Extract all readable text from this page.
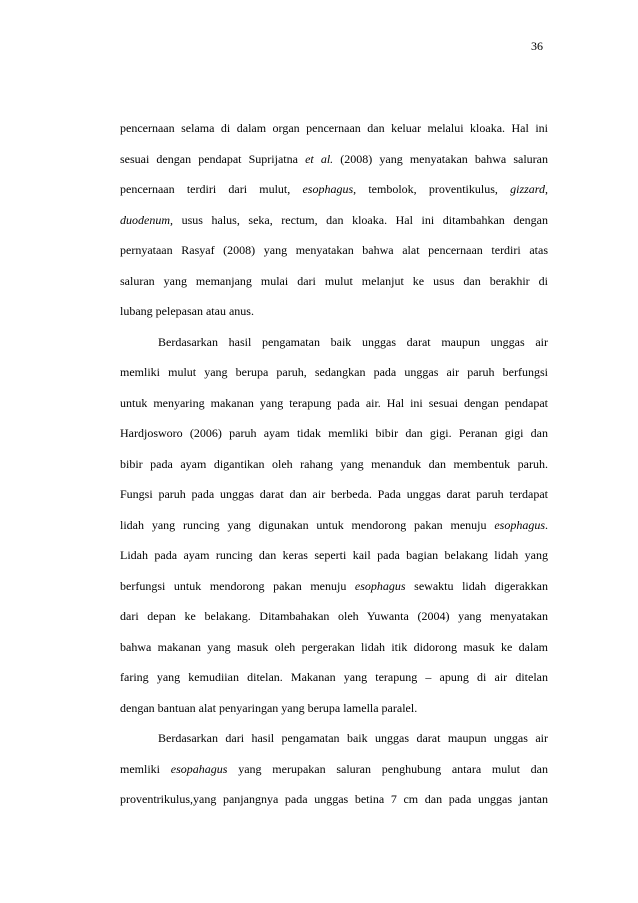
36
pencernaan selama di dalam organ pencernaan dan keluar melalui kloaka. Hal ini
sesuai dengan pendapat Suprijatna et al. (2008) yang menyatakan bahwa saluran
pencernaan terdiri dari mulut, esophagus, tembolok, proventikulus, gizzard,
duodenum, usus halus, seka, rectum, dan kloaka. Hal ini ditambahkan dengan
pernyataan Rasyaf (2008) yang menyatakan bahwa alat pencernaan terdiri atas
saluran yang memanjang mulai dari mulut melanjut ke usus dan berakhir di
lubang pelepasan atau anus.
Berdasarkan hasil pengamatan baik unggas darat maupun unggas air
memliki mulut yang berupa paruh, sedangkan pada unggas air paruh berfungsi
untuk menyaring makanan yang terapung pada air. Hal ini sesuai dengan pendapat
Hardjosworo (2006) paruh ayam tidak memliki bibir dan gigi. Peranan gigi dan
bibir pada ayam digantikan oleh rahang yang menanduk dan membentuk paruh.
Fungsi paruh pada unggas darat dan air berbeda. Pada unggas darat paruh terdapat
lidah yang runcing yang digunakan untuk mendorong pakan menuju esophagus.
Lidah pada ayam runcing dan keras seperti kail pada bagian belakang lidah yang
berfungsi untuk mendorong pakan menuju esophagus sewaktu lidah digerakkan
dari depan ke belakang. Ditambahakan oleh Yuwanta (2004) yang menyatakan
bahwa makanan yang masuk oleh pergerakan lidah itik didorong masuk ke dalam
faring yang kemudiian ditelan. Makanan yang terapung – apung di air ditelan
dengan bantuan alat penyaringan yang berupa lamella paralel.
Berdasarkan dari hasil pengamatan baik unggas darat maupun unggas air
memliki esopahagus yang merupakan saluran penghubung antara mulut dan
proventrikulus,yang panjangnya pada unggas betina 7 cm dan pada unggas jantan
